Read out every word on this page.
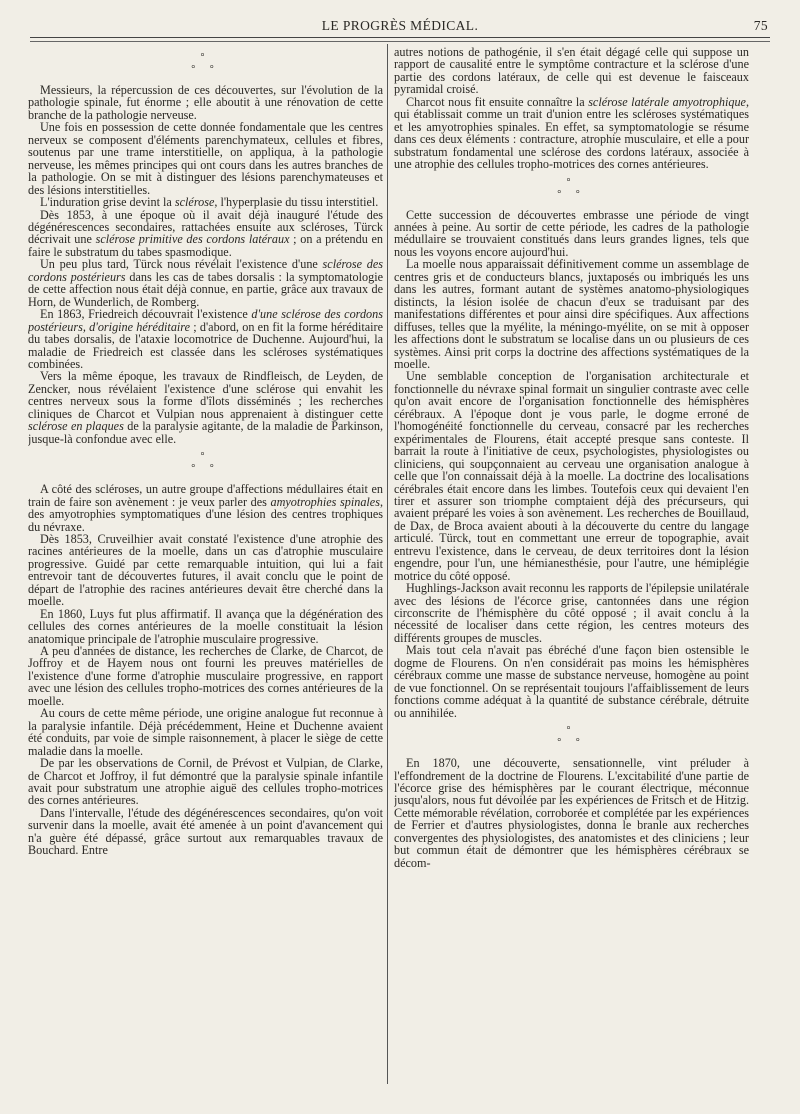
LE PROGRÈS MÉDICAL.	75
°
° °

Messieurs, la répercussion de ces découvertes, sur l'évolution de la pathologie spinale, fut énorme ; elle aboutit à une rénovation de cette branche de la pathologie nerveuse.

Une fois en possession de cette donnée fondamentale que les centres nerveux se composent d'éléments parenchymateux, cellules et fibres, soutenus par une trame interstitielle, on appliqua, à la pathologie nerveuse, les mêmes principes qui ont cours dans les autres branches de la pathologie. On se mit à distinguer des lésions parenchymateuses et des lésions interstitielles.

L'induration grise devint la sclérose, l'hyperplasie du tissu interstitiel.

Dès 1853, à une époque où il avait déjà inauguré l'étude des dégénérescences secondaires, rattachées ensuite aux scléroses, Türck décrivait une sclérose primitive des cordons latéraux ; on a prétendu en faire le substratum du tabes spasmodique.

Un peu plus tard, Türck nous révélait l'existence d'une sclérose des cordons postérieurs dans les cas de tabes dorsalis : la symptomatologie de cette affection nous était déjà connue, en partie, grâce aux travaux de Horn, de Wunderlich, de Romberg.

En 1863, Friedreich découvrait l'existence d'une sclérose des cordons postérieurs, d'origine héréditaire ; d'abord, on en fit la forme héréditaire du tabes dorsalis, de l'ataxie locomotrice de Duchenne. Aujourd'hui, la maladie de Friedreich est classée dans les scléroses systématiques combinées.

Vers la même époque, les travaux de Rindfleisch, de Leyden, de Zencker, nous révélaient l'existence d'une sclérose qui envahit les centres nerveux sous la forme d'îlots disséminés ; les recherches cliniques de Charcot et Vulpian nous apprenaient à distinguer cette sclérose en plaques de la paralysie agitante, de la maladie de Parkinson, jusque-là confondue avec elle.

°
° °

A côté des scléroses, un autre groupe d'affections médullaires était en train de faire son avènement : je veux parler des amyotrophies spinales, des amyotrophies symptomatiques d'une lésion des centres trophiques du névraxe.

Dès 1853, Cruveilhier avait constaté l'existence d'une atrophie des racines antérieures de la moelle, dans un cas d'atrophie musculaire progressive. Guidé par cette remarquable intuition, qui lui a fait entrevoir tant de découvertes futures, il avait conclu que le point de départ de l'atrophie des racines antérieures devait être cherché dans la moelle.

En 1860, Luys fut plus affirmatif. Il avança que la dégénération des cellules des cornes antérieures de la moelle constituait la lésion anatomique principale de l'atrophie musculaire progressive.

A peu d'années de distance, les recherches de Clarke, de Charcot, de Joffroy et de Hayem nous ont fourni les preuves matérielles de l'existence d'une forme d'atrophie musculaire progressive, en rapport avec une lésion des cellules tropho-motrices des cornes antérieures de la moelle.

Au cours de cette même période, une origine analogue fut reconnue à la paralysie infantile. Déjà précédemment, Heine et Duchenne avaient été conduits, par voie de simple raisonnement, à placer le siège de cette maladie dans la moelle.

De par les observations de Cornil, de Prévost et Vulpian, de Clarke, de Charcot et Joffroy, il fut démontré que la paralysie spinale infantile avait pour substratum une atrophie aiguë des cellules tropho-motrices des cornes antérieures.

Dans l'intervalle, l'étude des dégénérescences secondaires, qu'on voit survenir dans la moelle, avait été amenée à un point d'avancement qui n'a guère été dépassé, grâce surtout aux remarquables travaux de Bouchard. Entre

autres notions de pathogénie, il s'en était dégagé celle qui suppose un rapport de causalité entre le symptôme contracture et la sclérose d'une partie des cordons latéraux, de celle qui est devenue le faisceaux pyramidal croisé.

Charcot nous fit ensuite connaître la sclérose latérale amyotrophique, qui établissait comme un trait d'union entre les scléroses systématiques et les amyotrophies spinales. En effet, sa symptomatologie se résume dans ces deux éléments : contracture, atrophie musculaire, et elle a pour substratum fondamental une sclérose des cordons latéraux, associée à une atrophie des cellules tropho-motrices des cornes antérieures.

°
° °

Cette succession de découvertes embrasse une période de vingt années à peine. Au sortir de cette période, les cadres de la pathologie médullaire se trouvaient constitués dans leurs grandes lignes, tels que nous les voyons encore aujourd'hui.

La moelle nous apparaissait définitivement comme un assemblage de centres gris et de conducteurs blancs, juxtaposés ou imbriqués les uns dans les autres, formant autant de systèmes anatomo-physiologiques distincts, la lésion isolée de chacun d'eux se traduisant par des manifestations différentes et pour ainsi dire spécifiques. Aux affections diffuses, telles que la myélite, la méningo-myélite, on se mit à opposer les affections dont le substratum se localise dans un ou plusieurs de ces systèmes. Ainsi prit corps la doctrine des affections systématiques de la moelle.

Une semblable conception de l'organisation architecturale et fonctionnelle du névraxe spinal formait un singulier contraste avec celle qu'on avait encore de l'organisation fonctionnelle des hémisphères cérébraux. A l'époque dont je vous parle, le dogme erroné de l'homogénéité fonctionnelle du cerveau, consacré par les recherches expérimentales de Flourens, était accepté presque sans conteste. Il barrait la route à l'initiative de ceux, psychologistes, physiologistes ou cliniciens, qui soupçonnaient au cerveau une organisation analogue à celle que l'on connaissait déjà à la moelle. La doctrine des localisations cérébrales était encore dans les limbes. Toutefois ceux qui devaient l'en tirer et assurer son triomphe comptaient déjà des précurseurs, qui avaient préparé les voies à son avènement. Les recherches de Bouillaud, de Dax, de Broca avaient abouti à la découverte du centre du langage articulé. Türck, tout en commettant une erreur de topographie, avait entrevu l'existence, dans le cerveau, de deux territoires dont la lésion engendre, pour l'un, une hémianesthésie, pour l'autre, une hémiplégie motrice du côté opposé.

Hughlings-Jackson avait reconnu les rapports de l'épilepsie unilatérale avec des lésions de l'écorce grise, cantonnées dans une région circonscrite de l'hémisphère du côté opposé ; il avait conclu à la nécessité de localiser dans cette région, les centres moteurs des différents groupes de muscles.

Mais tout cela n'avait pas ébréché d'une façon bien ostensible le dogme de Flourens. On n'en considérait pas moins les hémisphères cérébraux comme une masse de substance nerveuse, homogène au point de vue fonctionnel. On se représentait toujours l'affaiblissement de leurs fonctions comme adéquat à la quantité de substance cérébrale, détruite ou annihilée.

°
° °

En 1870, une découverte, sensationnelle, vint préluder à l'effondrement de la doctrine de Flourens. L'excitabilité d'une partie de l'écorce grise des hémisphères par le courant électrique, méconnue jusqu'alors, nous fut dévoilée par les expériences de Fritsch et de Hitzig. Cette mémorable révélation, corroborée et complétée par les expériences de Ferrier et d'autres physiologistes, donna le branle aux recherches convergentes des physiologistes, des anatomistes et des cliniciens ; leur but commun était de démontrer que les hémisphères cérébraux se décom-
